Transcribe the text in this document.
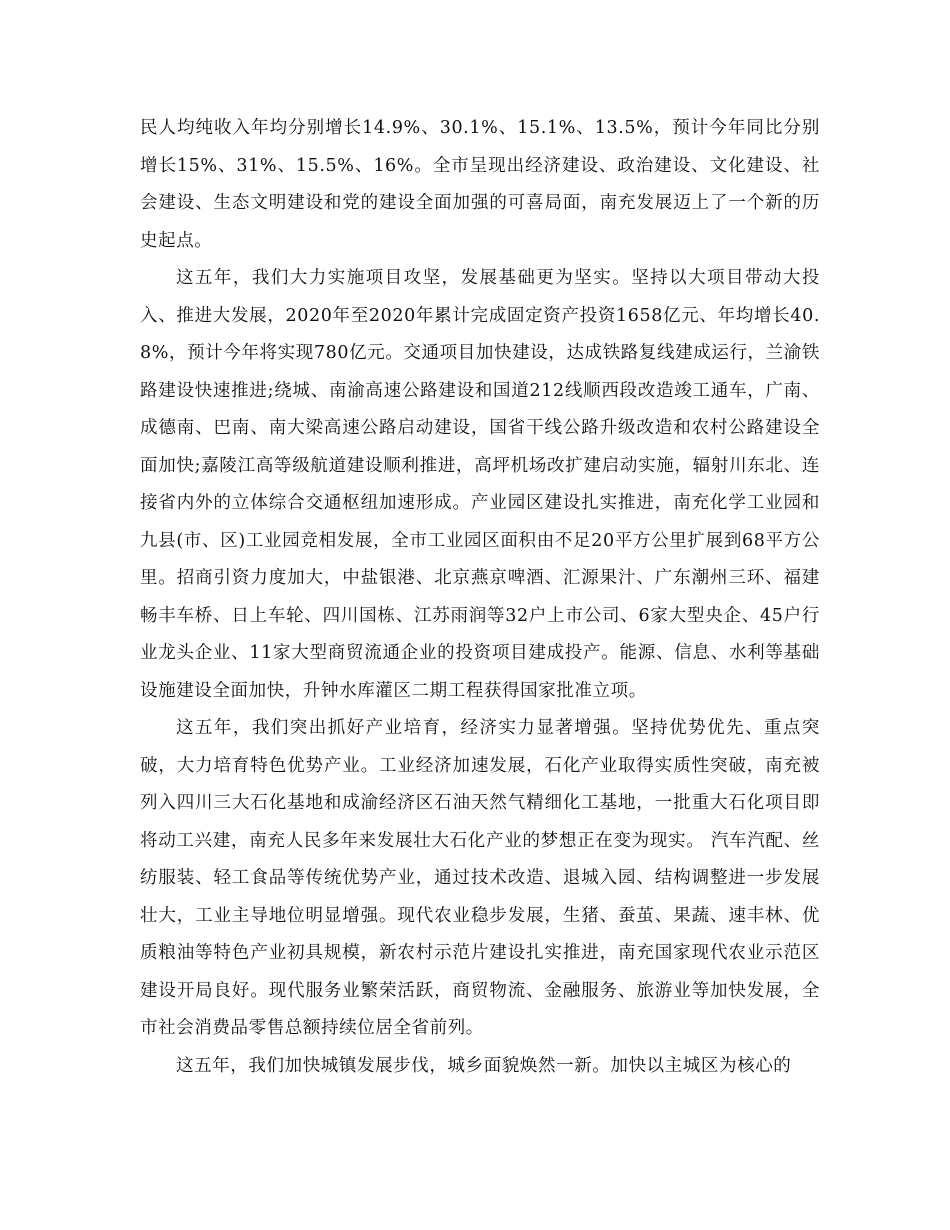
民人均纯收入年均分别增长14.9%、30.1%、15.1%、13.5%，预计今年同比分别增长15%、31%、15.5%、16%。全市呈现出经济建设、政治建设、文化建设、社会建设、生态文明建设和党的建设全面加强的可喜局面，南充发展迈上了一个新的历史起点。

这五年，我们大力实施项目攻坚，发展基础更为坚实。坚持以大项目带动大投入、推进大发展，2020年至2020年累计完成固定资产投资1658亿元、年均增长40.8%，预计今年将实现780亿元。交通项目加快建设，达成铁路复线建成运行，兰渝铁路建设快速推进;绕城、南渝高速公路建设和国道212线顺西段改造竣工通车，广南、成德南、巴南、南大梁高速公路启动建设，国省干线公路升级改造和农村公路建设全面加快;嘉陵江高等级航道建设顺利推进，高坪机场改扩建启动实施，辐射川东北、连接省内外的立体综合交通枢纽加速形成。产业园区建设扎实推进，南充化学工业园和九县(市、区)工业园竞相发展，全市工业园区面积由不足20平方公里扩展到68平方公里。招商引资力度加大，中盐银港、北京燕京啤酒、汇源果汁、广东潮州三环、福建畅丰车桥、日上车轮、四川国栋、江苏雨润等32户上市公司、6家大型央企、45户行业龙头企业、11家大型商贸流通企业的投资项目建成投产。能源、信息、水利等基础设施建设全面加快，升钟水库灌区二期工程获得国家批准立项。

这五年，我们突出抓好产业培育，经济实力显著增强。坚持优势优先、重点突破，大力培育特色优势产业。工业经济加速发展，石化产业取得实质性突破，南充被列入四川三大石化基地和成渝经济区石油天然气精细化工基地，一批重大石化项目即将动工兴建，南充人民多年来发展壮大石化产业的梦想正在变为现实。 汽车汽配、丝纺服装、轻工食品等传统优势产业，通过技术改造、退城入园、结构调整进一步发展壮大，工业主导地位明显增强。现代农业稳步发展，生猪、蚕茧、果蔬、速丰林、优质粮油等特色产业初具规模，新农村示范片建设扎实推进，南充国家现代农业示范区建设开局良好。现代服务业繁荣活跃，商贸物流、金融服务、旅游业等加快发展，全市社会消费品零售总额持续位居全省前列。

这五年，我们加快城镇发展步伐，城乡面貌焕然一新。加快以主城区为核心的
